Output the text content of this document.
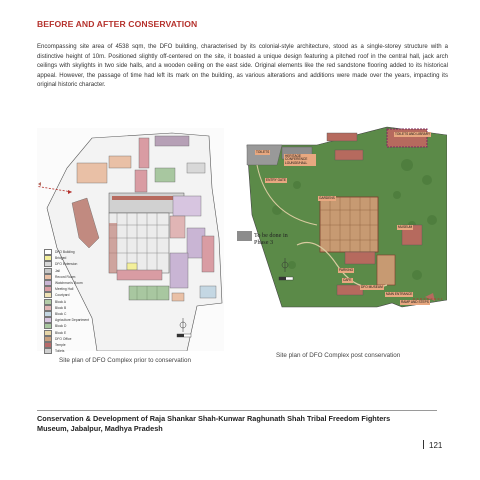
BEFORE AND AFTER CONSERVATION
Encompassing site area of 4538 sqm, the DFO building, characterised by its colonial-style architecture, stood as a single-storey structure with a distinctive height of 10m. Positioned slightly off-centered on the site, it boasted a unique design featuring a pitched roof in the central hall, jack arch ceilings with skylights in two side halls, and a wooden ceiling on the east side. Original elements like the red sandstone flooring added to its historical appeal. However, the passage of time had left its mark on the building, as various alterations and additions were made over the years, impacting its original historic character.
DFO Building
Bridged
DFO Extension
Jail
Record Room
Watchman's Room
Meeting Hall
Courtyard
Block A
Block B
Block C
Agriculture Department
Block D
Block E
DFO Office
Temple
Toilets
To be done in
Phase 3
TOILETS AND LIBRARY
TOILETS
HERITAGE CONFERENCE LOUNGE/HALL
ENTRY GATE
GARDENS
MUSEUM
PARKING
CAFE
DFO MUSEUM
MAIN ENTRANCE
RAMP AND STEPS
Site plan of DFO Complex prior to conservation
Site plan of DFO Complex post conservation
Conservation & Development of Raja Shankar Shah-Kunwar Raghunath Shah Tribal Freedom Fighters
Museum, Jabalpur, Madhya Pradesh
121
